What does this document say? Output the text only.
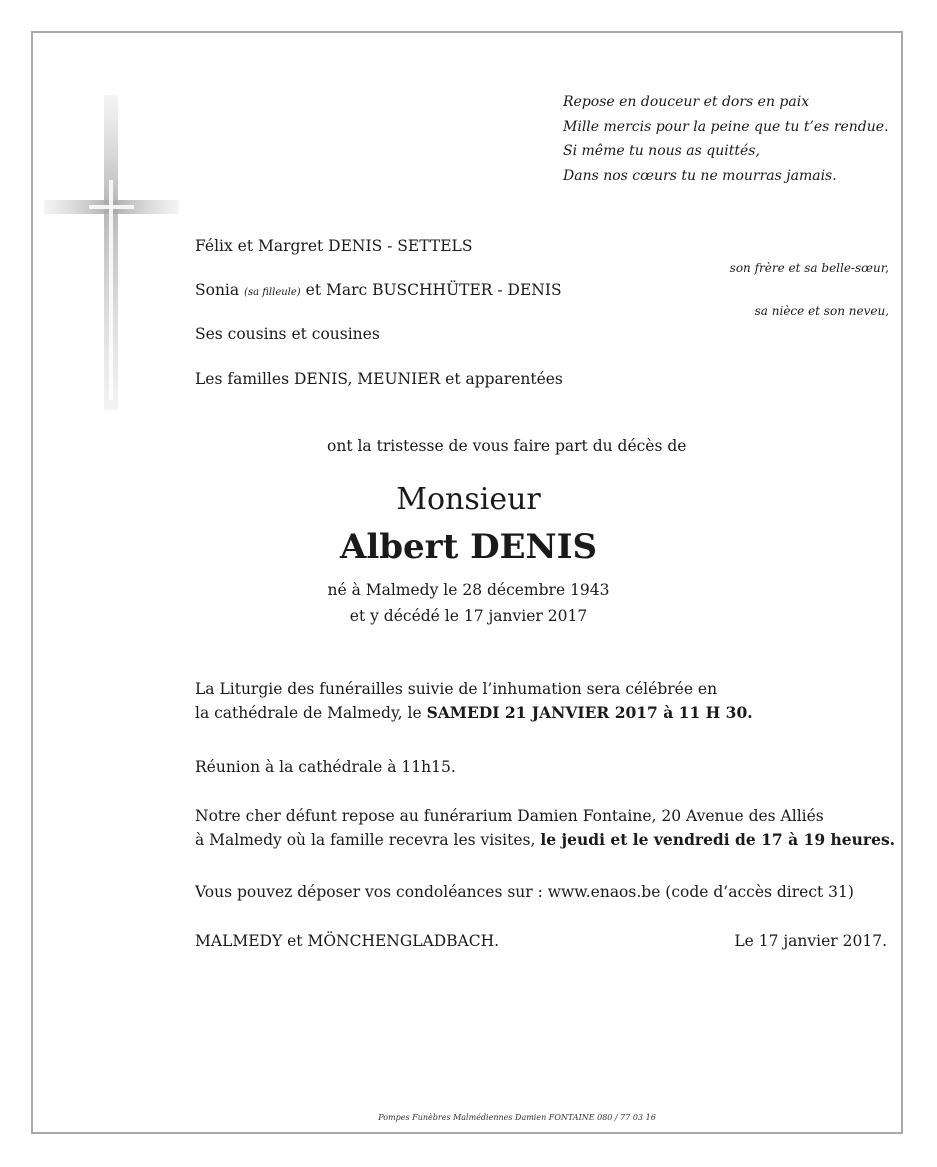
Repose en douceur et dors en paix
Mille mercis pour la peine que tu t’es rendue.
Si même tu nous as quittés,
Dans nos cœurs tu ne mourras jamais.
Félix et Margret DENIS - SETTELS
son frère et sa belle-sœur,
Sonia (sa filleule) et Marc BUSCHHÜTER - DENIS
sa nièce et son neveu,
Ses cousins et cousines
Les familles DENIS, MEUNIER et apparentées
ont la tristesse de vous faire part du décès de
Monsieur
Albert DENIS
né à Malmedy le 28 décembre 1943
et y décédé le 17 janvier 2017
La Liturgie des funérailles suivie de l’inhumation sera célébrée en
la cathédrale de Malmedy, le SAMEDI 21 JANVIER 2017 à 11 H 30.
Réunion à la cathédrale à 11h15.
Notre cher défunt repose au funérarium Damien Fontaine, 20 Avenue des Alliés
à Malmedy où la famille recevra les visites, le jeudi et le vendredi de 17 à 19 heures.
Vous pouvez déposer vos condoléances sur : www.enaos.be (code d’accès direct 31)
MALMEDY et MÖNCHENGLADBACH.	Le 17 janvier 2017.
Pompes Funèbres Malmédiennes Damien FONTAINE 080 / 77 03 16
